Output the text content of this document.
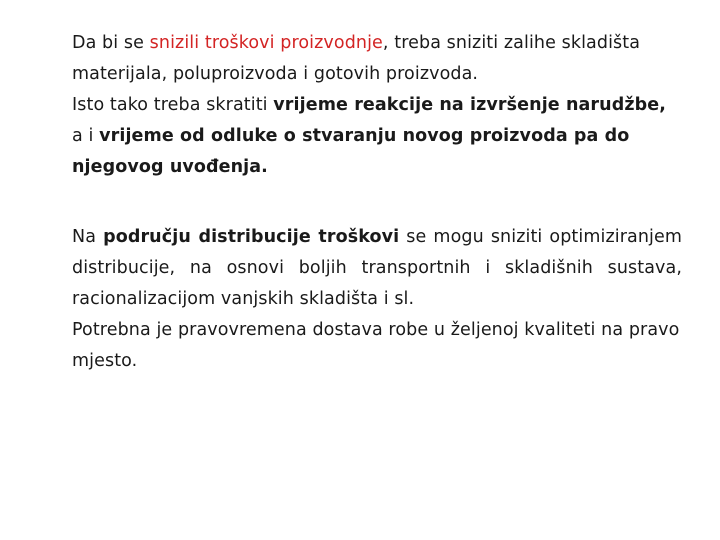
Da bi se snizili troškovi proizvodnje, treba sniziti zalihe skladišta materijala, poluproizvoda i gotovih proizvoda.

Isto tako treba skratiti vrijeme reakcije na izvršenje narudžbe, a i vrijeme od odluke o stvaranju novog proizvoda pa do njegovog uvođenja.

Na području distribucije troškovi se mogu sniziti optimiziranjem distribucije, na osnovi boljih transportnih i skladišnih sustava, racionalizacijom vanjskih skladišta i sl.

Potrebna je pravovremena dostava robe u željenoj kvaliteti na pravo mjesto.
